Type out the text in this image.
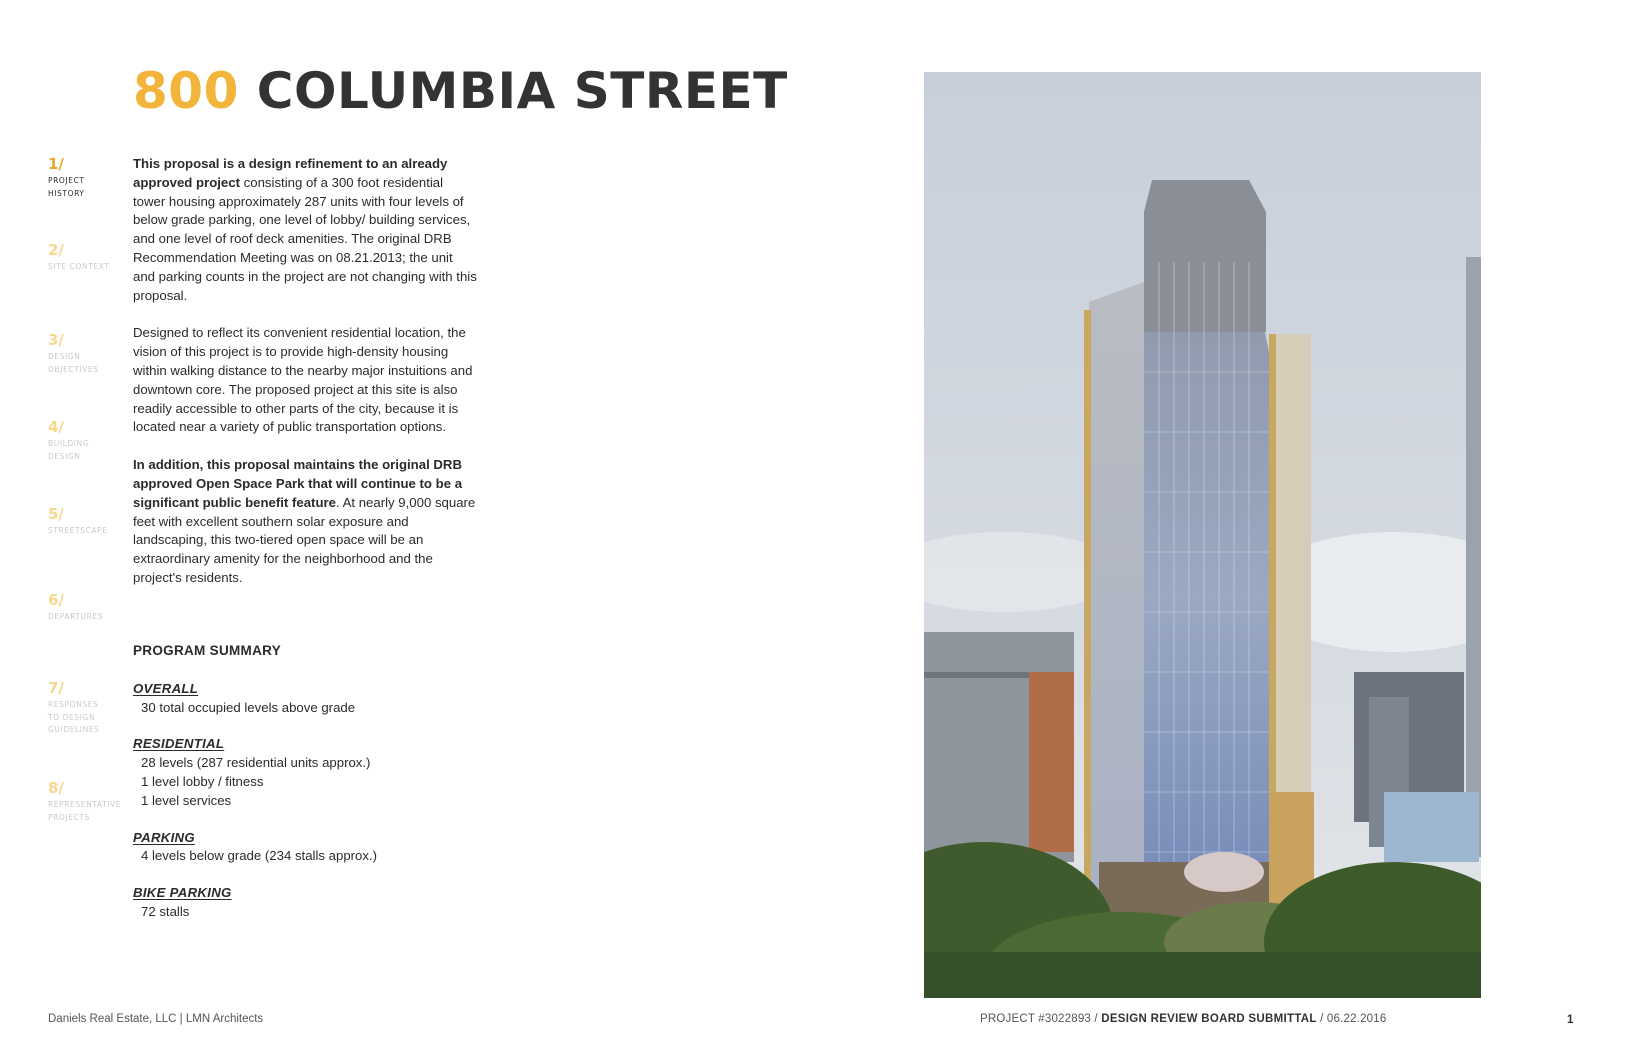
800 COLUMBIA STREET
1/
PROJECT
HISTORY
2/
SITE CONTEXT
3/
DESIGN
OBJECTIVES
4/
BUILDING
DESIGN
5/
STREETSCAPE
6/
DEPARTURES
7/
RESPONSES
TO DESIGN
GUIDELINES
8/
REPRESENTATIVE
PROJECTS

This proposal is a design refinement to an already approved project consisting of a 300 foot residential tower housing approximately 287 units with four levels of below grade parking, one level of lobby/ building services, and one level of roof deck amenities. The original DRB Recommendation Meeting was on 08.21.2013; the unit and parking counts in the project are not changing with this proposal.

Designed to reflect its convenient residential location, the vision of this project is to provide high-density housing within walking distance to the nearby major instuitions and downtown core. The proposed project at this site is also readily accessible to other parts of the city, because it is located near a variety of public transportation options.

In addition, this proposal maintains the original DRB approved Open Space Park that will continue to be a significant public benefit feature. At nearly 9,000 square feet with excellent southern solar exposure and landscaping, this two-tiered open space will be an extraordinary amenity for the neighborhood and the project's residents.

PROGRAM SUMMARY
OVERALL
30 total occupied levels above grade
RESIDENTIAL
28 levels (287 residential units approx.)
1 level lobby / fitness
1 level services
PARKING
4 levels below grade (234 stalls approx.)
BIKE PARKING
72 stalls
Daniels Real Estate, LLC | LMN Architects	PROJECT #3022893 / DESIGN REVIEW BOARD SUBMITTAL / 06.22.2016	1
